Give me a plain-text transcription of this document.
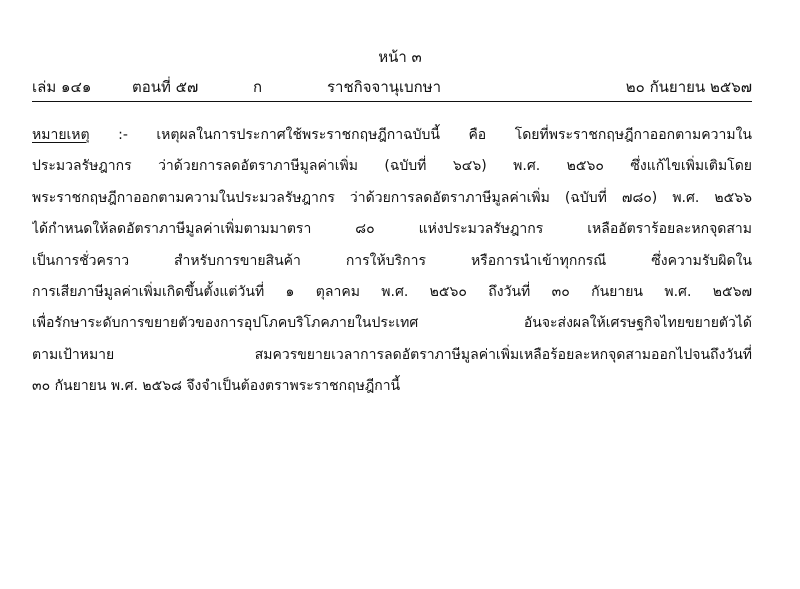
หน้า ๓
เล่ม ๑๔๑	ตอนที่ ๕๗	ก	ราชกิจจานุเบกษา	๒๐ กันยายน ๒๕๖๗
หมายเหตุ :- เหตุผลในการประกาศใช้พระราชกฤษฎีกาฉบับนี้ คือ โดยที่พระราชกฤษฎีกาออกตามความใน
ประมวลรัษฎากร ว่าด้วยการลดอัตราภาษีมูลค่าเพิ่ม (ฉบับที่ ๖๔๖) พ.ศ. ๒๕๖๐ ซึ่งแก้ไขเพิ่มเติมโดย
พระราชกฤษฎีกาออกตามความในประมวลรัษฎากร ว่าด้วยการลดอัตราภาษีมูลค่าเพิ่ม (ฉบับที่ ๗๘๐) พ.ศ. ๒๕๖๖
ได้กำหนดให้ลดอัตราภาษีมูลค่าเพิ่มตามมาตรา ๘๐ แห่งประมวลรัษฎากร เหลืออัตราร้อยละหกจุดสาม
เป็นการชั่วคราว สำหรับการขายสินค้า การให้บริการ หรือการนำเข้าทุกกรณี ซึ่งความรับผิดใน
การเสียภาษีมูลค่าเพิ่มเกิดขึ้นตั้งแต่วันที่ ๑ ตุลาคม พ.ศ. ๒๕๖๐ ถึงวันที่ ๓๐ กันยายน พ.ศ. ๒๕๖๗
เพื่อรักษาระดับการขยายตัวของการอุปโภคบริโภคภายในประเทศ อันจะส่งผลให้เศรษฐกิจไทยขยายตัวได้
ตามเป้าหมาย สมควรขยายเวลาการลดอัตราภาษีมูลค่าเพิ่มเหลือร้อยละหกจุดสามออกไปจนถึงวันที่
๓๐ กันยายน พ.ศ. ๒๕๖๘ จึงจำเป็นต้องตราพระราชกฤษฎีกานี้
